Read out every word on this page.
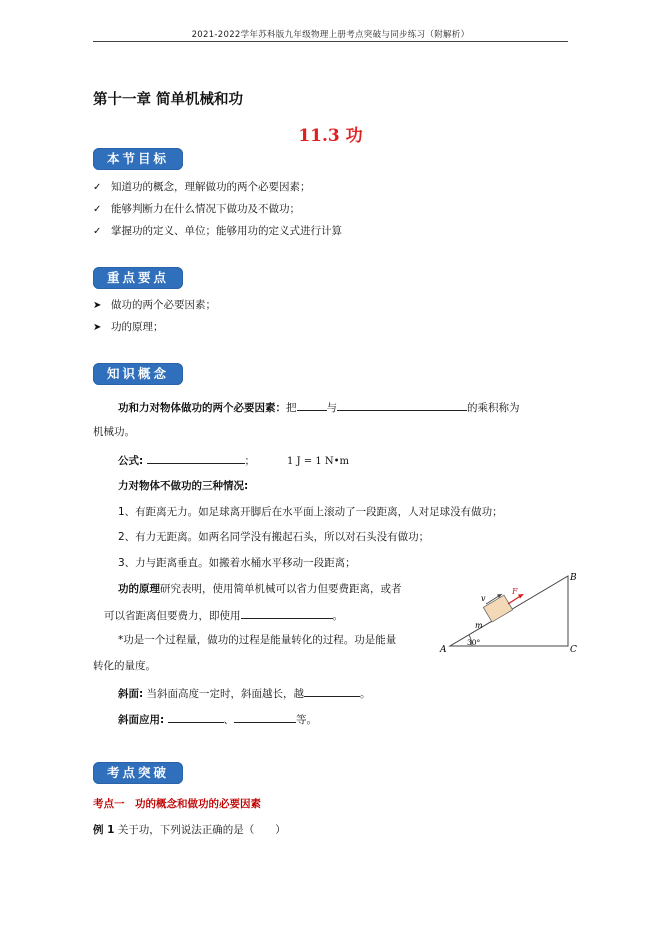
2021-2022学年苏科版九年级物理上册考点突破与同步练习（附解析）
第十一章 简单机械和功
11.3 功
本节目标
✓ 知道功的概念，理解做功的两个必要因素；
✓ 能够判断力在什么情况下做功及不做功；
✓ 掌握功的定义、单位；能够用功的定义式进行计算
重点要点
➤ 做功的两个必要因素；
➤ 功的原理；
知识概念
功和力对物体做功的两个必要因素：把	与	的乘积称为
机械功。
公式:	；	1 J = 1 N•m
力对物体不做功的三种情况:
1、有距离无力。如足球离开脚后在水平面上滚动了一段距离，人对足球没有做功；
2、有力无距离。如两名同学没有搬起石头，所以对石头没有做功；
3、力与距离垂直。如搬着水桶水平移动一段距离；
功的原理研究表明，使用简单机械可以省力但要费距离，或者
可以省距离但要费力，即使用	。
*功是一个过程量，做功的过程是能量转化的过程。功是能量
转化的量度。
斜面: 当斜面高度一定时，斜面越长，越	。
斜面应用:	、	等。
A
B
C
v
F
m
30°
考点突破
考点一　功的概念和做功的必要因素
例 1 关于功，下列说法正确的是（　　）
